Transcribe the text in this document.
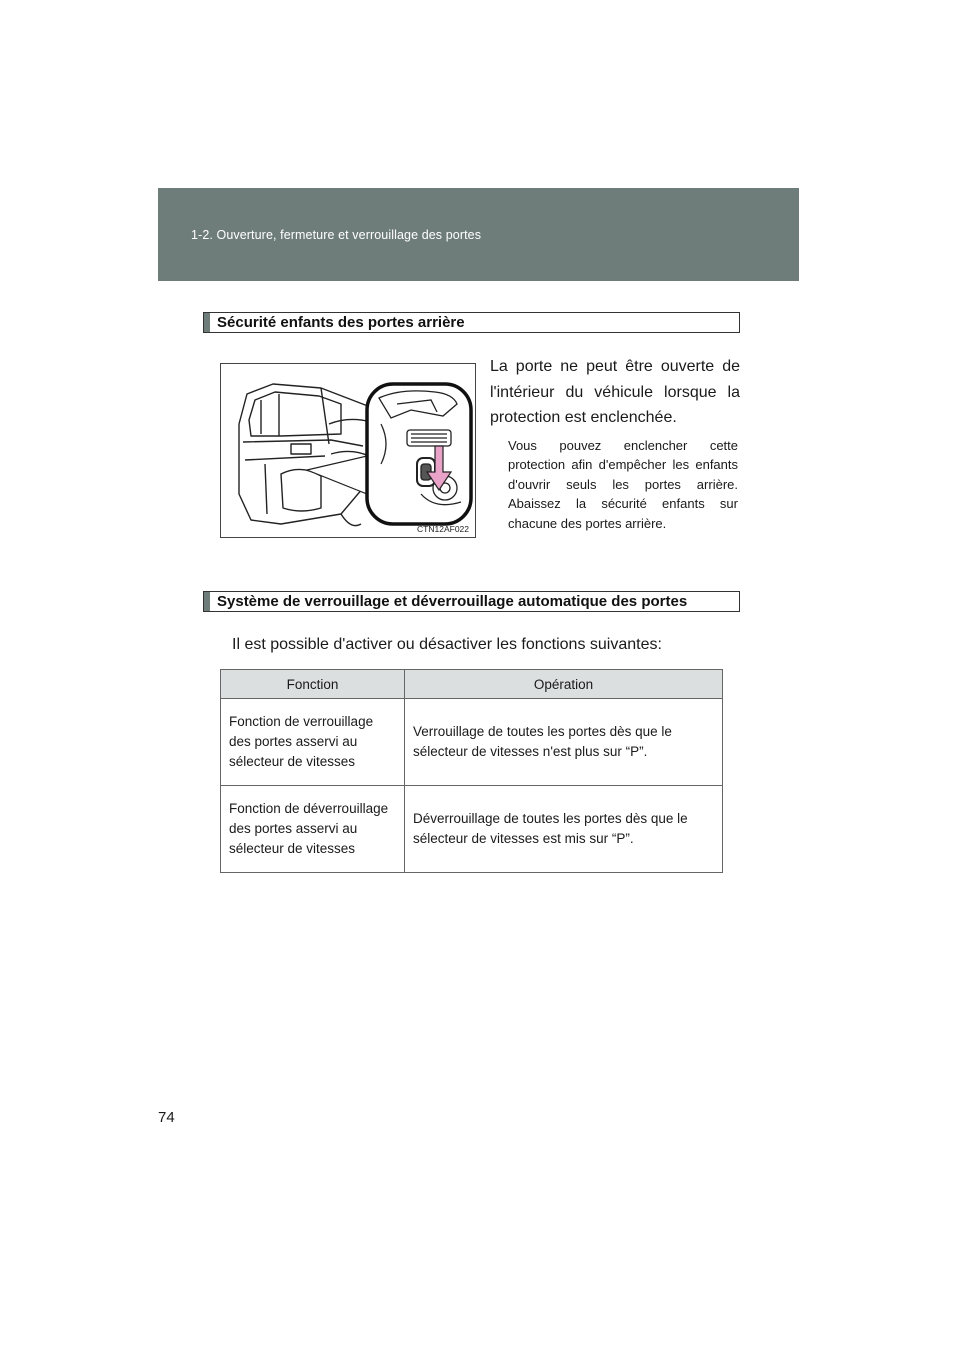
1-2. Ouverture, fermeture et verrouillage des portes
Sécurité enfants des portes arrière
CTN12AF022
La porte ne peut être ouverte de l'intérieur du véhicule lorsque la protection est enclenchée.
Vous pouvez enclencher cette protection afin d'empêcher les enfants d'ouvrir seuls les portes arrière. Abaissez la sécurité enfants sur chacune des portes arrière.
Système de verrouillage et déverrouillage automatique des portes
Il est possible d'activer ou désactiver les fonctions suivantes:
Fonction	Opération
Fonction de verrouillage des portes asservi au sélecteur de vitesses	Verrouillage de toutes les portes dès que le sélecteur de vitesses n'est plus sur “P”.
Fonction de déverrouillage des portes asservi au sélecteur de vitesses	Déverrouillage de toutes les portes dès que le sélecteur de vitesses est mis sur “P”.
74
